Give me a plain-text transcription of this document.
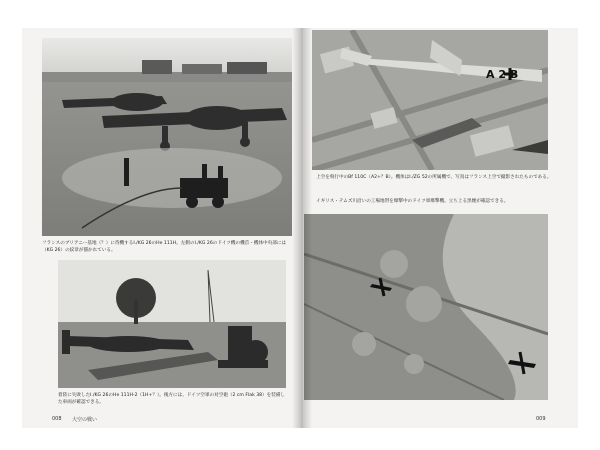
フランスのブリアニー基地（？）に待機するI./KG 26のHe 111H。左側のI./KG 26のドイツ機の機首・機体中央部には（KG 26）の紋章が描かれている。
着陸に失敗したI./KG 26のHe 111H-2（1H+？）。後方には、ドイツ空軍の対空砲（2 cm Flak 38）を装備した車両が確認できる。
008 大空の戦い
A 2 B
上空を飛行中のBf 110C（A2+？B）。機体はI./ZG 52の所属機で、写真はフランス上空で撮影されたものである。
イギリス・テムズ川沿いの工場地帯を爆撃中のドイツ軍爆撃機。立ち上る黒煙が確認できる。
009
